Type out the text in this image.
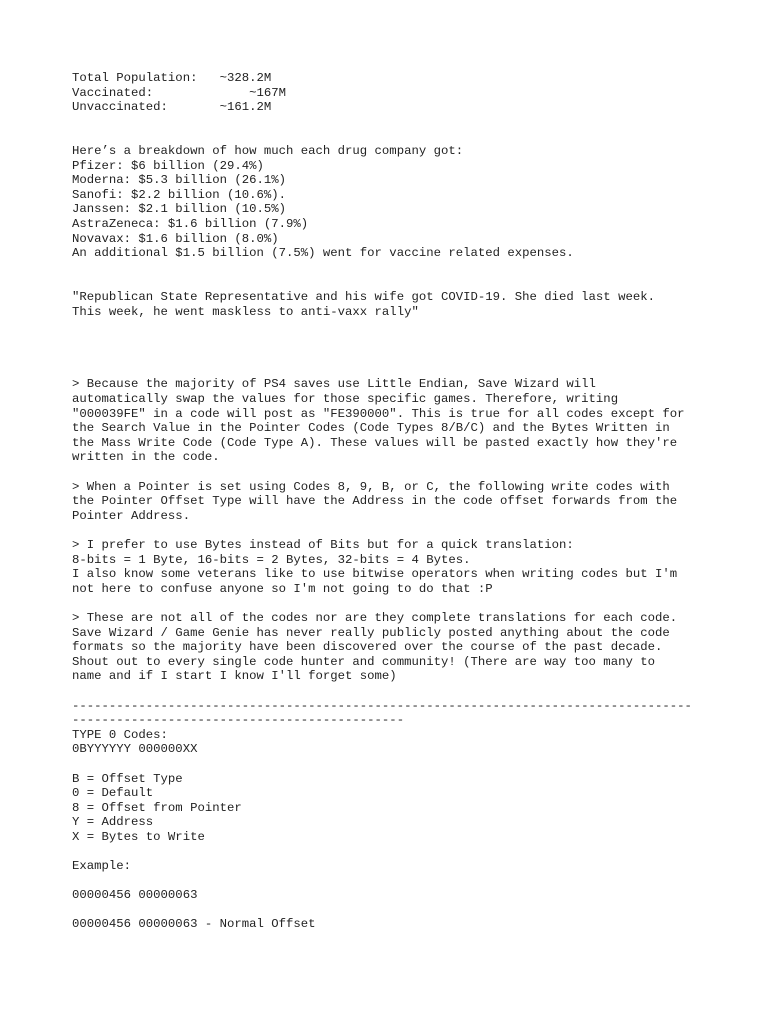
Total Population:   ~328.2M
Vaccinated:             ~167M
Unvaccinated:       ~161.2M
Here’s a breakdown of how much each drug company got:
Pfizer: $6 billion (29.4%)
Moderna: $5.3 billion (26.1%)
Sanofi: $2.2 billion (10.6%).
Janssen: $2.1 billion (10.5%)
AstraZeneca: $1.6 billion (7.9%)
Novavax: $1.6 billion (8.0%)
An additional $1.5 billion (7.5%) went for vaccine related expenses.
"Republican State Representative and his wife got COVID-19. She died last week.
This week, he went maskless to anti-vaxx rally"
> Because the majority of PS4 saves use Little Endian, Save Wizard will
automatically swap the values for those specific games. Therefore, writing
"000039FE" in a code will post as "FE390000". This is true for all codes except for
the Search Value in the Pointer Codes (Code Types 8/B/C) and the Bytes Written in
the Mass Write Code (Code Type A). These values will be pasted exactly how they're
written in the code.
> When a Pointer is set using Codes 8, 9, B, or C, the following write codes with
the Pointer Offset Type will have the Address in the code offset forwards from the
Pointer Address.
> I prefer to use Bytes instead of Bits but for a quick translation:
8-bits = 1 Byte, 16-bits = 2 Bytes, 32-bits = 4 Bytes.
I also know some veterans like to use bitwise operators when writing codes but I'm
not here to confuse anyone so I'm not going to do that :P
> These are not all of the codes nor are they complete translations for each code.
Save Wizard / Game Genie has never really publicly posted anything about the code
formats so the majority have been discovered over the course of the past decade.
Shout out to every single code hunter and community! (There are way too many to
name and if I start I know I'll forget some)
------------------------------------------------------------------------------------
---------------------------------------------
TYPE 0 Codes:
0BYYYYYY 000000XX
B = Offset Type
0 = Default
8 = Offset from Pointer
Y = Address
X = Bytes to Write
Example:
00000456 00000063
00000456 00000063 - Normal Offset
